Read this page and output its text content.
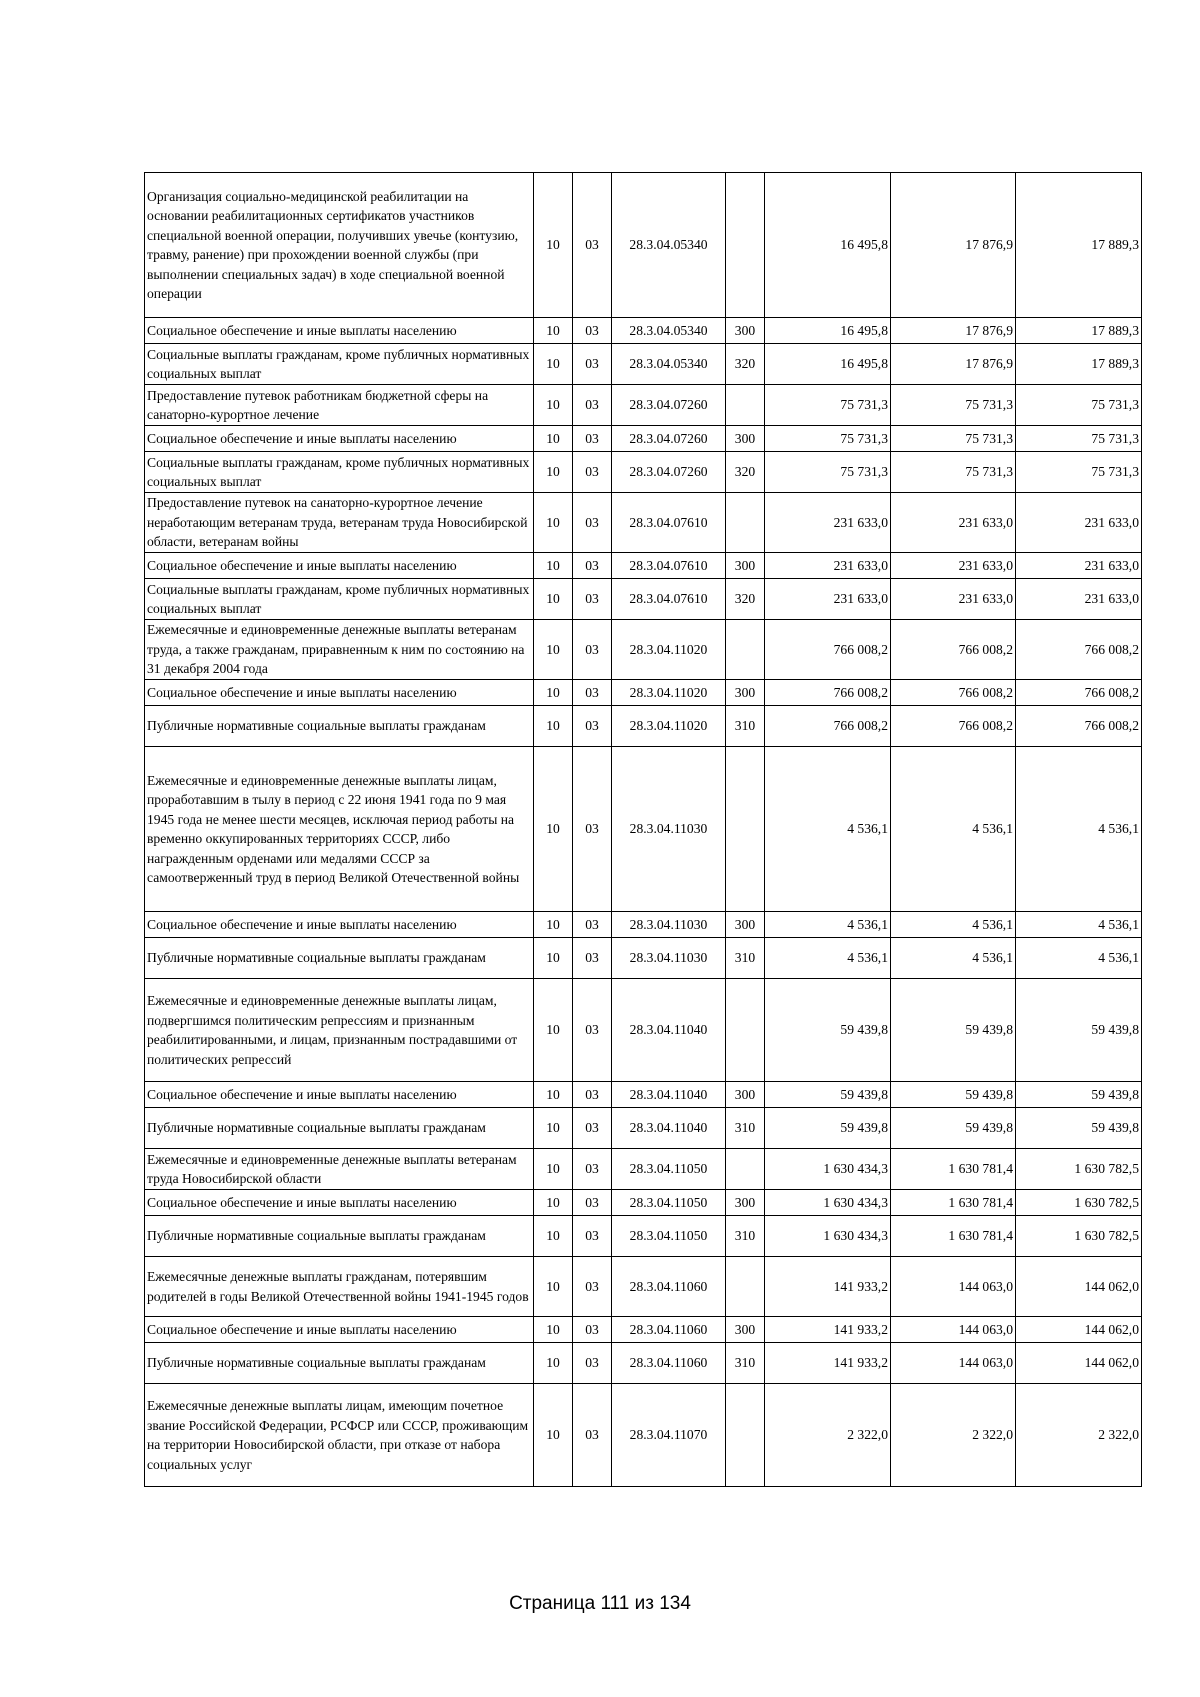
Организация социально-медицинской реабилитации на основании реабилитационных сертификатов участников специальной военной операции, получивших увечье (контузию, травму, ранение) при прохождении военной службы (при выполнении специальных задач) в ходе специальной военной операции	10	03	28.3.04.05340		16 495,8	17 876,9	17 889,3
Социальное обеспечение и иные выплаты населению	10	03	28.3.04.05340	300	16 495,8	17 876,9	17 889,3
Социальные выплаты гражданам, кроме публичных нормативных социальных выплат	10	03	28.3.04.05340	320	16 495,8	17 876,9	17 889,3
Предоставление путевок работникам бюджетной сферы на санаторно-курортное лечение	10	03	28.3.04.07260		75 731,3	75 731,3	75 731,3
Социальное обеспечение и иные выплаты населению	10	03	28.3.04.07260	300	75 731,3	75 731,3	75 731,3
Социальные выплаты гражданам, кроме публичных нормативных социальных выплат	10	03	28.3.04.07260	320	75 731,3	75 731,3	75 731,3
Предоставление путевок на санаторно-курортное лечение неработающим ветеранам труда, ветеранам труда Новосибирской области, ветеранам войны	10	03	28.3.04.07610		231 633,0	231 633,0	231 633,0
Социальное обеспечение и иные выплаты населению	10	03	28.3.04.07610	300	231 633,0	231 633,0	231 633,0
Социальные выплаты гражданам, кроме публичных нормативных социальных выплат	10	03	28.3.04.07610	320	231 633,0	231 633,0	231 633,0
Ежемесячные и единовременные денежные выплаты ветеранам труда, а также гражданам, приравненным к ним по состоянию на 31 декабря 2004 года	10	03	28.3.04.11020		766 008,2	766 008,2	766 008,2
Социальное обеспечение и иные выплаты населению	10	03	28.3.04.11020	300	766 008,2	766 008,2	766 008,2
Публичные нормативные социальные выплаты гражданам	10	03	28.3.04.11020	310	766 008,2	766 008,2	766 008,2
Ежемесячные и единовременные денежные выплаты лицам, проработавшим в тылу в период с 22 июня 1941 года по 9 мая 1945 года не менее шести месяцев, исключая период работы на временно оккупированных территориях СССР, либо награжденным орденами или медалями СССР за самоотверженный труд в период Великой Отечественной войны	10	03	28.3.04.11030		4 536,1	4 536,1	4 536,1
Социальное обеспечение и иные выплаты населению	10	03	28.3.04.11030	300	4 536,1	4 536,1	4 536,1
Публичные нормативные социальные выплаты гражданам	10	03	28.3.04.11030	310	4 536,1	4 536,1	4 536,1
Ежемесячные и единовременные денежные выплаты лицам, подвергшимся политическим репрессиям и признанным реабилитированными, и лицам, признанным пострадавшими от политических репрессий	10	03	28.3.04.11040		59 439,8	59 439,8	59 439,8
Социальное обеспечение и иные выплаты населению	10	03	28.3.04.11040	300	59 439,8	59 439,8	59 439,8
Публичные нормативные социальные выплаты гражданам	10	03	28.3.04.11040	310	59 439,8	59 439,8	59 439,8
Ежемесячные и единовременные денежные выплаты ветеранам труда Новосибирской области	10	03	28.3.04.11050		1 630 434,3	1 630 781,4	1 630 782,5
Социальное обеспечение и иные выплаты населению	10	03	28.3.04.11050	300	1 630 434,3	1 630 781,4	1 630 782,5
Публичные нормативные социальные выплаты гражданам	10	03	28.3.04.11050	310	1 630 434,3	1 630 781,4	1 630 782,5
Ежемесячные денежные выплаты гражданам, потерявшим родителей в годы Великой Отечественной войны 1941-1945 годов	10	03	28.3.04.11060		141 933,2	144 063,0	144 062,0
Социальное обеспечение и иные выплаты населению	10	03	28.3.04.11060	300	141 933,2	144 063,0	144 062,0
Публичные нормативные социальные выплаты гражданам	10	03	28.3.04.11060	310	141 933,2	144 063,0	144 062,0
Ежемесячные денежные выплаты лицам, имеющим почетное звание Российской Федерации, РСФСР или СССР, проживающим на территории Новосибирской области, при отказе от набора социальных услуг	10	03	28.3.04.11070		2 322,0	2 322,0	2 322,0
Страница 111 из 134
